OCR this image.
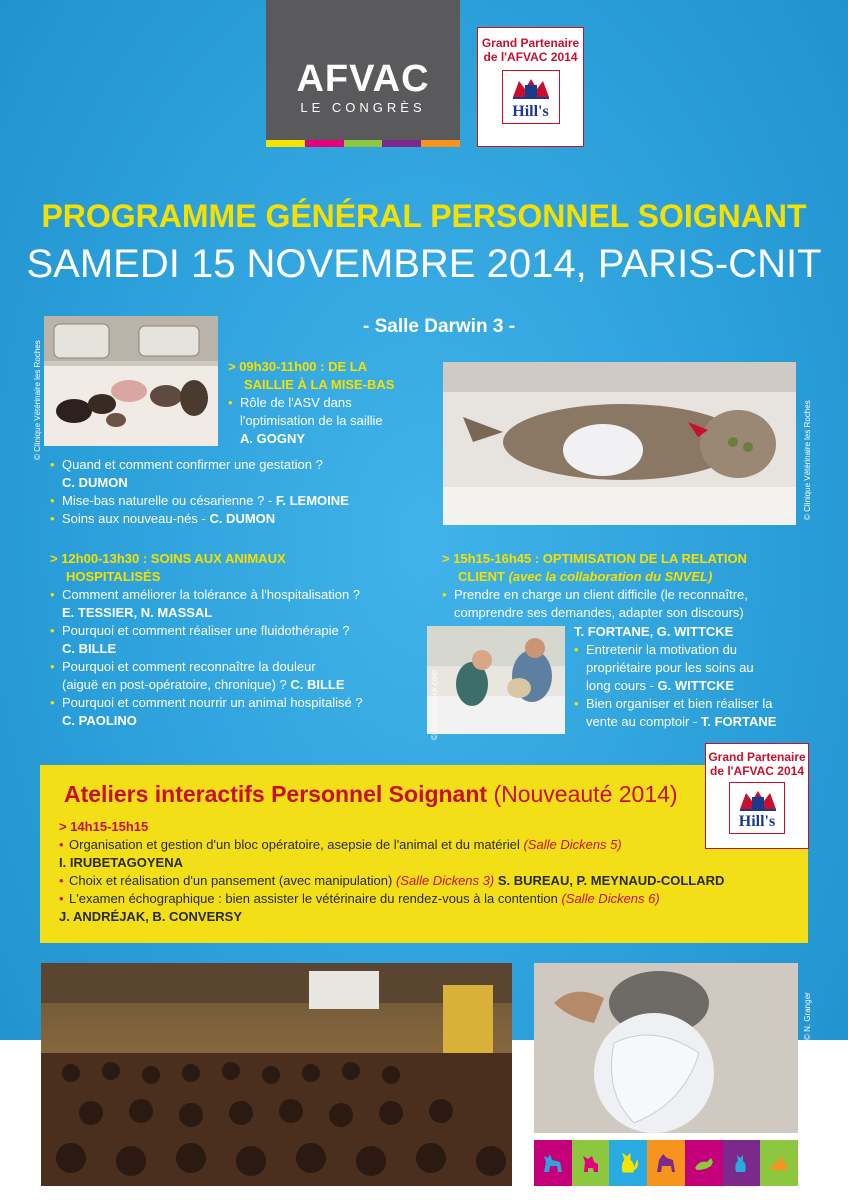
AFVAC
LE CONGRÈS
Grand Partenaire
de l'AFVAC 2014
Hill's
PROGRAMME GÉNÉRAL PERSONNEL SOIGNANT
SAMEDI 15 NOVEMBRE 2014, PARIS-CNIT
- Salle Darwin 3 -
© Clinique Vétérinaire les Roches
© Clinique Vétérinaire les Roches
> 09h30-11h00 : DE LA
SAILLIE À LA MISE-BAS
• Rôle de l'ASV dans
l'optimisation de la saillie
A. GOGNY
• Quand et comment confirmer une gestation ?
C. DUMON
• Mise-bas naturelle ou césarienne ? - F. LEMOINE
• Soins aux nouveau-nés - C. DUMON
> 12h00-13h30 : SOINS AUX ANIMAUX
HOSPITALISÉS
• Comment améliorer la tolérance à l'hospitalisation ?
E. TESSIER, N. MASSAL
• Pourquoi et comment réaliser une fluidothérapie ?
C. BILLE
• Pourquoi et comment reconnaître la douleur
(aiguë en post-opératoire, chronique) ? C. BILLE
• Pourquoi et comment nourrir un animal hospitalisé ?
C. PAOLINO
> 15h15-16h45 : OPTIMISATION DE LA RELATION
CLIENT (avec la collaboration du SNVEL)
• Prendre en charge un client difficile (le reconnaître,
comprendre ses demandes, adapter son discours)
T. FORTANE, G. WITTCKE
• Entretenir la motivation du
propriétaire pour les soins au
long cours - G. WITTCKE
• Bien organiser et bien réaliser la
vente au comptoir - T. FORTANE
© Shutterstock.com
Ateliers interactifs Personnel Soignant (Nouveauté 2014)
> 14h15-15h15
• Organisation et gestion d'un bloc opératoire, asepsie de l'animal et du matériel (Salle Dickens 5)
I. IRUBETAGOYENA
• Choix et réalisation d'un pansement (avec manipulation) (Salle Dickens 3) S. BUREAU, P. MEYNAUD-COLLARD
• L'examen échographique : bien assister le vétérinaire du rendez-vous à la contention (Salle Dickens 6)
J. ANDRÉJAK, B. CONVERSY
Grand Partenaire
de l'AFVAC 2014
Hill's
© N. Granger
